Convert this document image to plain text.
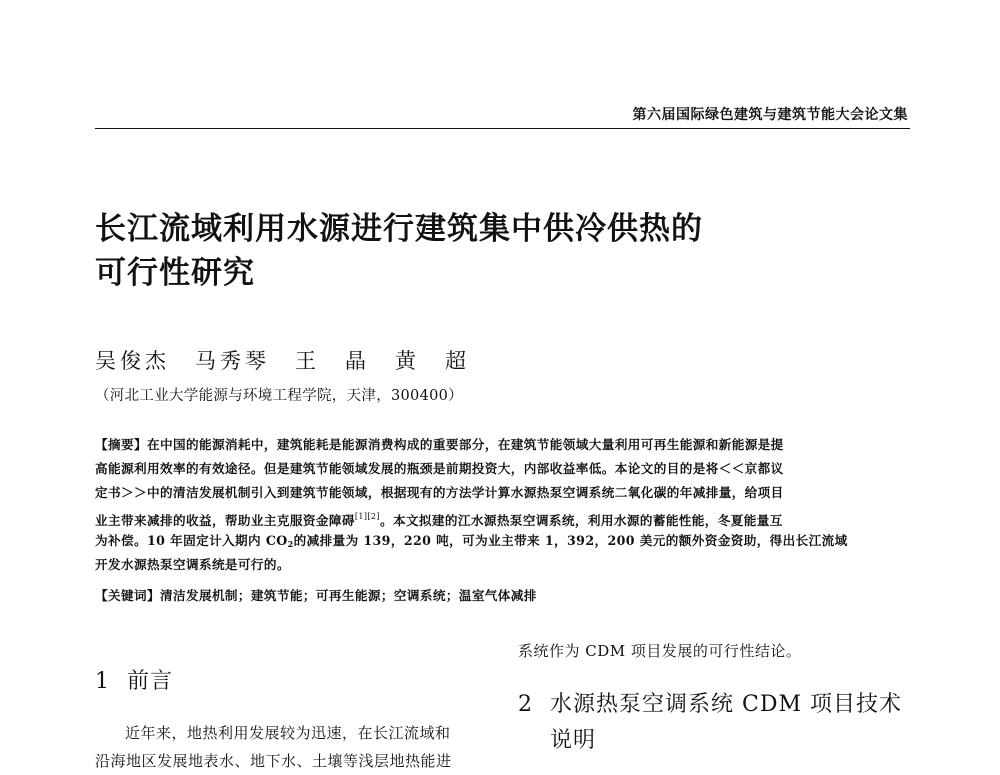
第六届国际绿色建筑与建筑节能大会论文集
长江流域利用水源进行建筑集中供冷供热的
可行性研究
吴俊杰　马秀琴　王　晶　黄　超
（河北工业大学能源与环境工程学院，天津，300400）
【摘要】在中国的能源消耗中，建筑能耗是能源消费构成的重要部分，在建筑节能领域大量利用可再生能源和新能源是提
高能源利用效率的有效途径。但是建筑节能领域发展的瓶颈是前期投资大，内部收益率低。本论文的目的是将＜＜京都议
定书＞＞中的清洁发展机制引入到建筑节能领域，根据现有的方法学计算水源热泵空调系统二氧化碳的年减排量，给项目
业主带来减排的收益，帮助业主克服资金障碍[1][2]。本文拟建的江水源热泵空调系统，利用水源的蓄能性能，冬夏能量互
为补偿。10 年固定计入期内 $CO_2$的减排量为 139，220 吨，可为业主带来 1，392，200 美元的额外资金资助，得出长江流域
开发水源热泵空调系统是可行的。
【关键词】清洁发展机制；建筑节能；可再生能源；空调系统；温室气体减排
1 前言
近年来，地热利用发展较为迅速，在长江流域和
沿海地区发展地表水、地下水、土壤等浅层地热能进
系统作为 CDM 项目发展的可行性结论。
2 水源热泵空调系统 CDM 项目技术
说明
